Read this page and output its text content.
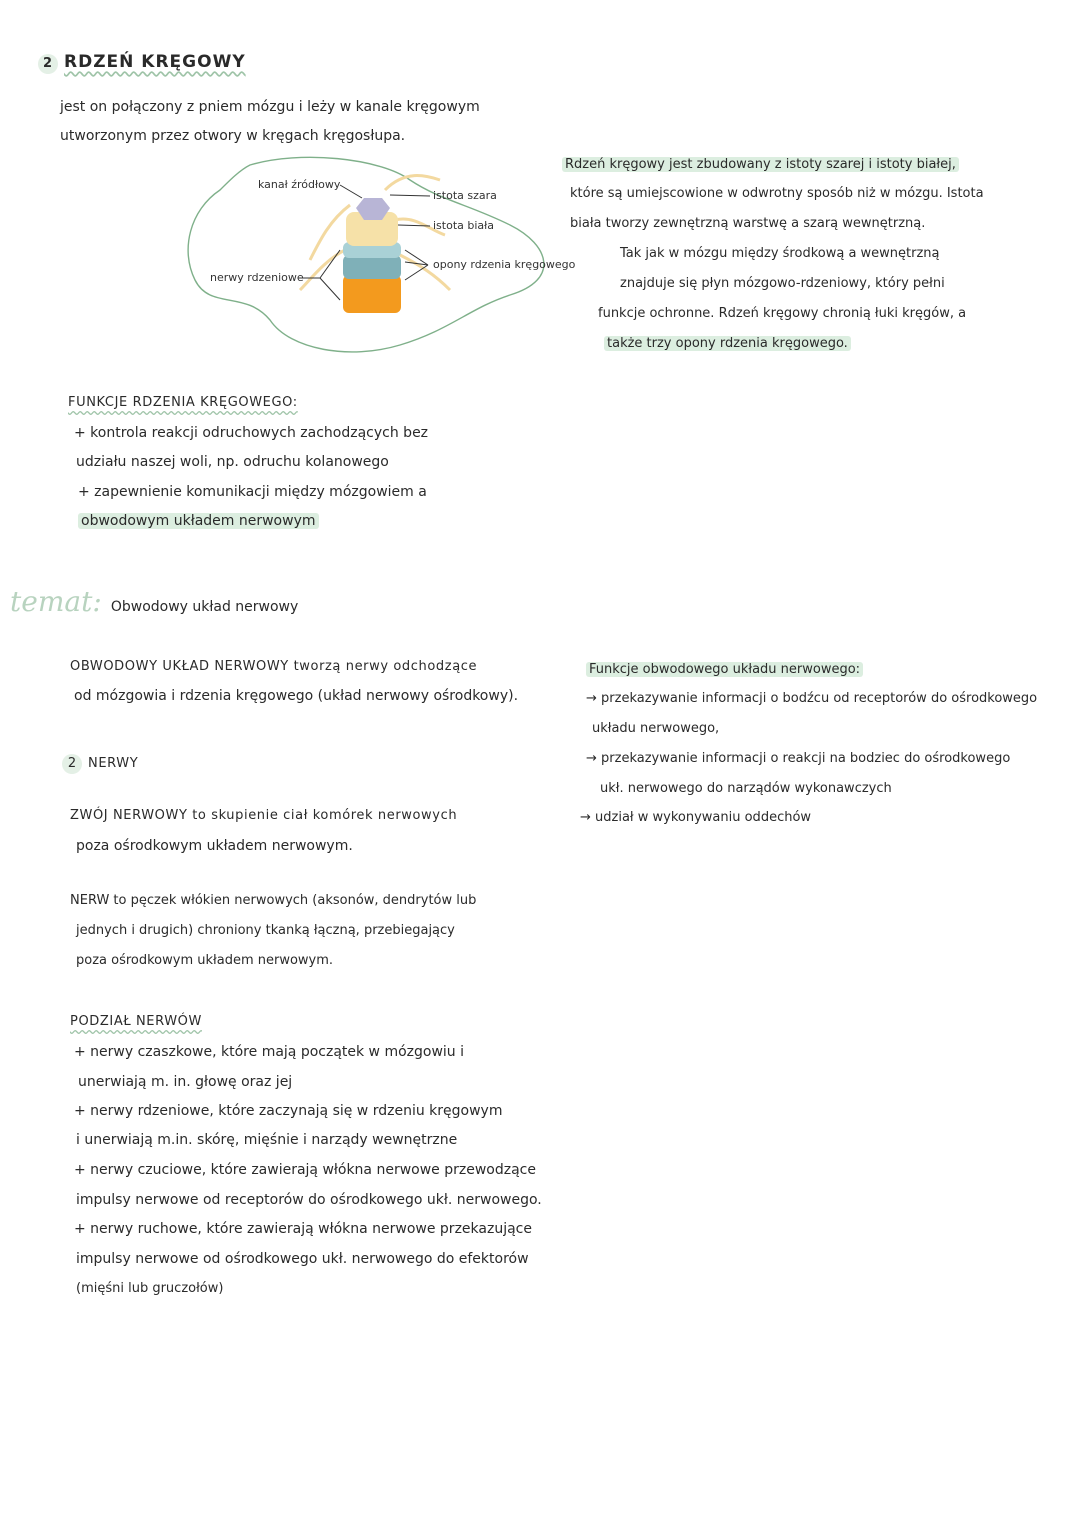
2 RDZEŃ KRĘGOWY
jest on połączony z pniem mózgu i leży w kanale kręgowym
utworzonym przez otwory w kręgach kręgosłupa.
kanał źródłowy
istota szara
istota biała
opony rdzenia kręgowego
nerwy rdzeniowe
Rdzeń kręgowy jest zbudowany z istoty szarej i istoty białej,
które są umiejscowione w odwrotny sposób niż w mózgu. Istota
biała tworzy zewnętrzną warstwę a szarą wewnętrzną.
Tak jak w mózgu między środkową a wewnętrzną
znajduje się płyn mózgowo-rdzeniowy, który pełni
funkcje ochronne. Rdzeń kręgowy chronią łuki kręgów, a
także trzy opony rdzenia kręgowego.
FUNKCJE RDZENIA KRĘGOWEGO:
+ kontrola reakcji odruchowych zachodzących bez
udziału naszej woli, np. odruchu kolanowego
+ zapewnienie komunikacji między mózgowiem a
obwodowym układem nerwowym
temat: Obwodowy układ nerwowy
OBWODOWY UKŁAD NERWOWY tworzą nerwy odchodzące
od mózgowia i rdzenia kręgowego (układ nerwowy ośrodkowy).
Funkcje obwodowego układu nerwowego:
→ przekazywanie informacji o bodźcu od receptorów do ośrodkowego
układu nerwowego,
→ przekazywanie informacji o reakcji na bodziec do ośrodkowego
ukł. nerwowego do narządów wykonawczych
→ udział w wykonywaniu oddechów
2 NERWY
ZWÓJ NERWOWY to skupienie ciał komórek nerwowych
poza ośrodkowym układem nerwowym.
NERW to pęczek włókien nerwowych (aksonów, dendrytów lub
jednych i drugich) chroniony tkanką łączną, przebiegający
poza ośrodkowym układem nerwowym.
PODZIAŁ NERWÓW
+ nerwy czaszkowe, które mają początek w mózgowiu i
unerwiają m. in. głowę oraz jej
+ nerwy rdzeniowe, które zaczynają się w rdzeniu kręgowym
i unerwiają m.in. skórę, mięśnie i narządy wewnętrzne
+ nerwy czuciowe, które zawierają włókna nerwowe przewodzące
impulsy nerwowe od receptorów do ośrodkowego ukł. nerwowego.
+ nerwy ruchowe, które zawierają włókna nerwowe przekazujące
impulsy nerwowe od ośrodkowego ukł. nerwowego do efektorów
(mięśni lub gruczołów)
